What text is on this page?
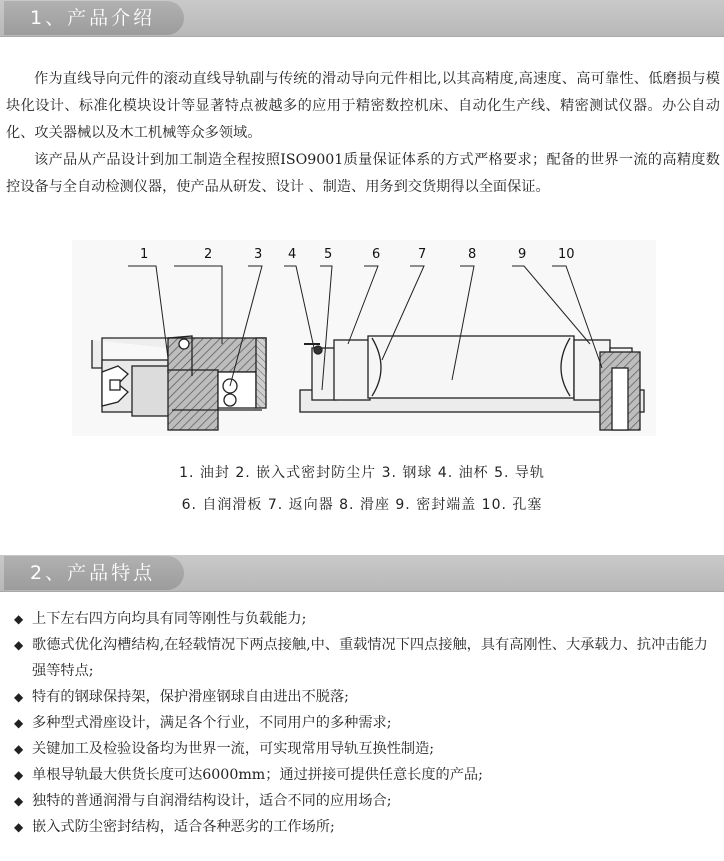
1、产品介绍
作为直线导向元件的滚动直线导轨副与传统的滑动导向元件相比,以其高精度,高速度、高可靠性、低磨损与模块化设计、标准化模块设计等显著特点被越多的应用于精密数控机床、自动化生产线、精密测试仪器。办公自动化、攻关器械以及木工机械等众多领域。
该产品从产品设计到加工制造全程按照ISO9001质量保证体系的方式严格要求；配备的世界一流的高精度数控设备与全自动检测仪器，使产品从研发、设计 、制造、用务到交货期得以全面保证。
1	2	3 4 5	6	7	8	9 10
1. 油封 2. 嵌入式密封防尘片 3. 钢球 4. 油杯 5. 导轨
6. 自润滑板 7. 返向器 8. 滑座 9. 密封端盖 10. 孔塞
2、产品特点
◆ 上下左右四方向均具有同等刚性与负载能力;
◆ 歌德式优化沟槽结构,在轻载情况下两点接触,中、重载情况下四点接触，具有高刚性、大承载力、抗冲击能力强等特点;
◆ 特有的钢球保持架，保护滑座钢球自由进出不脱落;
◆ 多种型式滑座设计，满足各个行业，不同用户的多种需求;
◆ 关键加工及检验设备均为世界一流，可实现常用导轨互换性制造;
◆ 单根导轨最大供货长度可达6000mm；通过拼接可提供任意长度的产品;
◆ 独特的普通润滑与自润滑结构设计，适合不同的应用场合;
◆ 嵌入式防尘密封结构，适合各种恶劣的工作场所;
